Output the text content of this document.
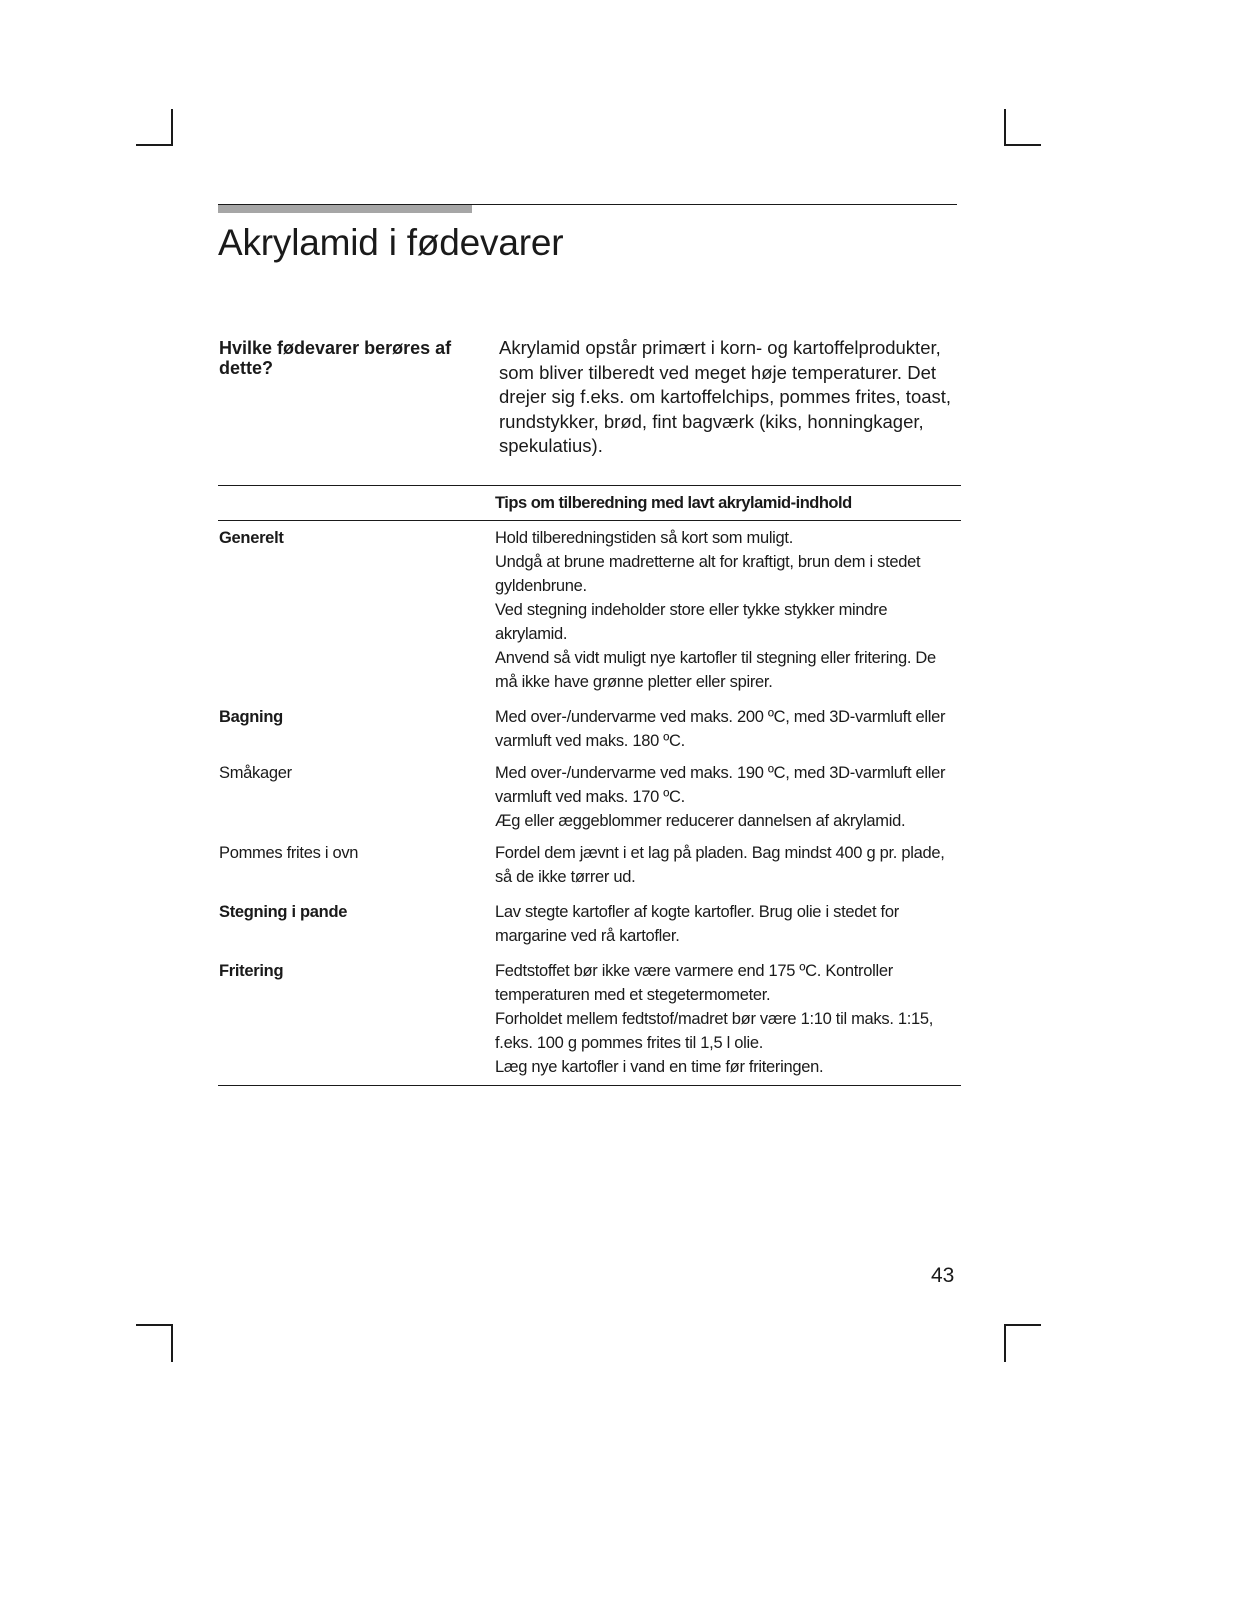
Akrylamid i fødevarer

Hvilke fødevarer berøres af dette?

Akrylamid opstår primært i korn- og kartoffelprodukter, som bliver tilberedt ved meget høje temperaturer. Det drejer sig f.eks. om kartoffelchips, pommes frites, toast, rundstykker, brød, fint bagværk (kiks, honningkager, spekulatius).

	Tips om tilberedning med lavt akrylamid-indhold
Generelt	Hold tilberedningstiden så kort som muligt.
Undgå at brune madretterne alt for kraftigt, brun dem i stedet gyldenbrune.
Ved stegning indeholder store eller tykke stykker mindre akrylamid.
Anvend så vidt muligt nye kartofler til stegning eller fritering. De må ikke have grønne pletter eller spirer.

Bagning	Med over-/undervarme ved maks. 200 ºC, med 3D-varmluft eller varmluft ved maks. 180 ºC.

Småkager	Med over-/undervarme ved maks. 190 ºC, med 3D-varmluft eller varmluft ved maks. 170 ºC.
Æg eller æggeblommer reducerer dannelsen af akrylamid.

Pommes frites i ovn	Fordel dem jævnt i et lag på pladen. Bag mindst 400 g pr. plade, så de ikke tørrer ud.

Stegning i pande	Lav stegte kartofler af kogte kartofler. Brug olie i stedet for margarine ved rå kartofler.

Fritering	Fedtstoffet bør ikke være varmere end 175 ºC. Kontroller temperaturen med et stegetermometer.
Forholdet mellem fedtstof/madret bør være 1:10 til maks. 1:15, f.eks. 100 g pommes frites til 1,5 l olie.
Læg nye kartofler i vand en time før friteringen.
43
